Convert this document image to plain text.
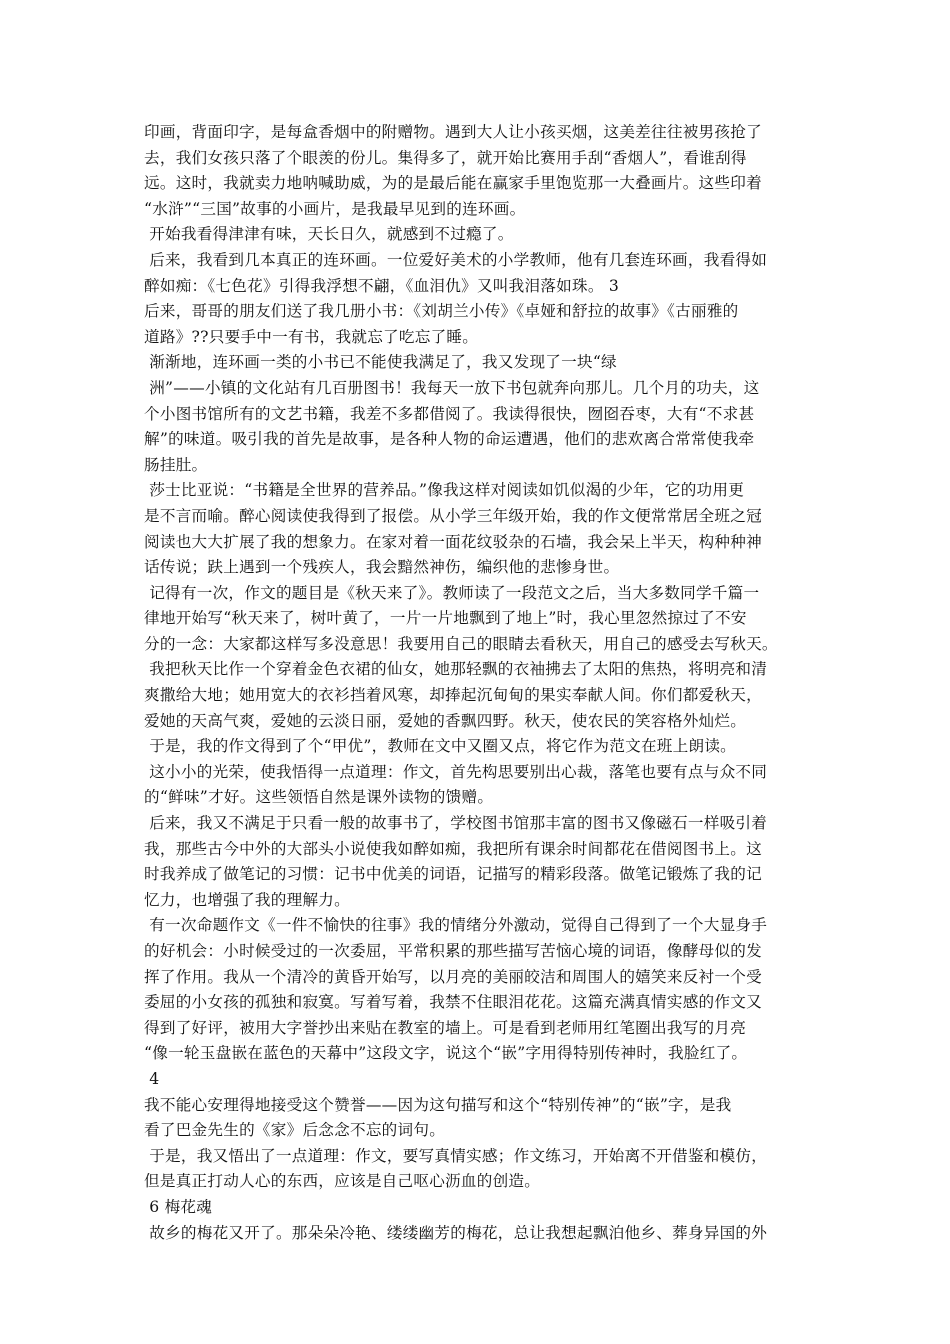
印画，背面印字，是每盒香烟中的附赠物。遇到大人让小孩买烟，这美差往往被男孩抢了
去，我们女孩只落了个眼羡的份儿。集得多了，就开始比赛用手刮“香烟人”，看谁刮得
远。这时，我就卖力地呐喊助威，为的是最后能在赢家手里饱览那一大叠画片。这些印着
“水浒”“三国”故事的小画片，是我最早见到的连环画。
开始我看得津津有味，天长日久，就感到不过瘾了。
后来，我看到几本真正的连环画。一位爱好美术的小学教师，他有几套连环画，我看得如
醉如痴：《七色花》引得我浮想不翩，《血泪仇》又叫我泪落如珠。 3
后来，哥哥的朋友们送了我几册小书：《刘胡兰小传》《卓娅和舒拉的故事》《古丽雅的
道路》??只要手中一有书，我就忘了吃忘了睡。
渐渐地，连环画一类的小书已不能使我满足了，我又发现了一块“绿
洲”——小镇的文化站有几百册图书！我每天一放下书包就奔向那儿。几个月的功夫，这
个小图书馆所有的文艺书籍，我差不多都借阅了。我读得很快，囫囵吞枣，大有“不求甚
解”的味道。吸引我的首先是故事，是各种人物的命运遭遇，他们的悲欢离合常常使我牵
肠挂肚。
莎士比亚说：“书籍是全世界的营养品。”像我这样对阅读如饥似渴的少年，它的功用更
是不言而喻。醉心阅读使我得到了报偿。从小学三年级开始，我的作文便常常居全班之冠
阅读也大大扩展了我的想象力。在家对着一面花纹驳杂的石墙，我会呆上半天，构种种神
话传说；趺上遇到一个残疾人，我会黯然神伤，编织他的悲惨身世。
记得有一次，作文的题目是《秋天来了》。教师读了一段范文之后，当大多数同学千篇一
律地开始写“秋天来了，树叶黄了，一片一片地飘到了地上”时，我心里忽然掠过了不安
分的一念：大家都这样写多没意思！我要用自己的眼睛去看秋天，用自己的感受去写秋天。
我把秋天比作一个穿着金色衣裙的仙女，她那轻飘的衣袖拂去了太阳的焦热，将明亮和清
爽撒给大地；她用宽大的衣衫挡着风寒，却捧起沉甸甸的果实奉献人间。你们都爱秋天，
爱她的天高气爽，爱她的云淡日丽，爱她的香飘四野。秋天，使农民的笑容格外灿烂。
于是，我的作文得到了个“甲优”，教师在文中又圈又点，将它作为范文在班上朗读。
这小小的光荣，使我悟得一点道理：作文，首先构思要别出心裁，落笔也要有点与众不同
的“鲜味”才好。这些领悟自然是课外读物的馈赠。
后来，我又不满足于只看一般的故事书了，学校图书馆那丰富的图书又像磁石一样吸引着
我，那些古今中外的大部头小说使我如醉如痴，我把所有课余时间都花在借阅图书上。这
时我养成了做笔记的习惯：记书中优美的词语，记描写的精彩段落。做笔记锻炼了我的记
忆力，也增强了我的理解力。
有一次命题作文《一件不愉快的往事》我的情绪分外激动，觉得自己得到了一个大显身手
的好机会：小时候受过的一次委屈，平常积累的那些描写苦恼心境的词语，像酵母似的发
挥了作用。我从一个清冷的黄昏开始写，以月亮的美丽皎洁和周围人的嬉笑来反衬一个受
委屈的小女孩的孤独和寂寞。写着写着，我禁不住眼泪花花。这篇充满真情实感的作文又
得到了好评，被用大字誉抄出来贴在教室的墙上。可是看到老师用红笔圈出我写的月亮
“像一轮玉盘嵌在蓝色的天幕中”这段文字，说这个“嵌”字用得特别传神时，我脸红了。
4
我不能心安理得地接受这个赞誉——因为这句描写和这个“特别传神”的“嵌”字，是我
看了巴金先生的《家》后念念不忘的词句。
于是，我又悟出了一点道理：作文，要写真情实感；作文练习，开始离不开借鉴和模仿，
但是真正打动人心的东西，应该是自己呕心沥血的创造。
6 梅花魂
故乡的梅花又开了。那朵朵冷艳、缕缕幽芳的梅花，总让我想起飘泊他乡、葬身异国的外
